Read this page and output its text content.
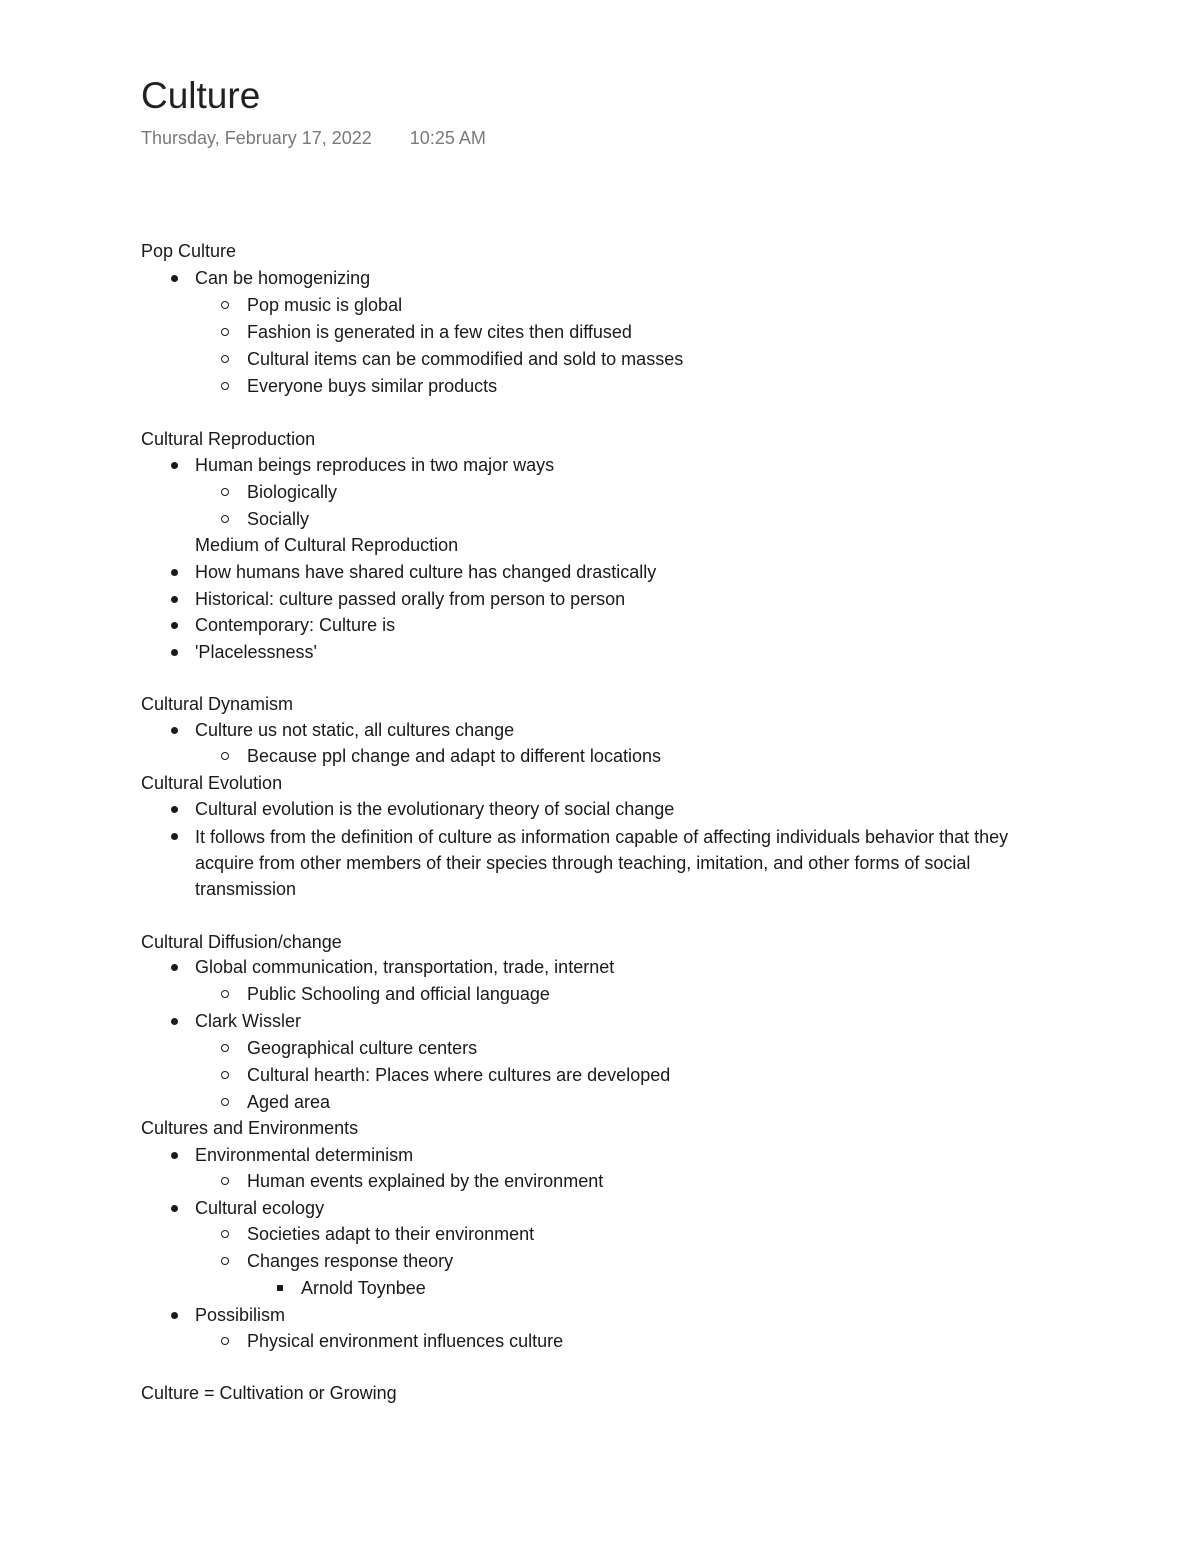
Culture
Thursday, February 17, 2022 10:25 AM
Pop Culture
Can be homogenizing
Pop music is global
Fashion is generated in a few cites then diffused
Cultural items can be commodified and sold to masses
Everyone buys similar products
Cultural Reproduction
Human beings reproduces in two major ways
Biologically
Socially
Medium of Cultural Reproduction
How humans have shared culture has changed drastically
Historical: culture passed orally from person to person
Contemporary: Culture is
'Placelessness'
Cultural Dynamism
Culture us not static, all cultures change
Because ppl change and adapt to different locations
Cultural Evolution
Cultural evolution is the evolutionary theory of social change
It follows from the definition of culture as information capable of affecting individuals behavior that they acquire from other members of their species through teaching, imitation, and other forms of social transmission
Cultural Diffusion/change
Global communication, transportation, trade, internet
Public Schooling and official language
Clark Wissler
Geographical culture centers
Cultural hearth: Places where cultures are developed
Aged area
Cultures and Environments
Environmental determinism
Human events explained by the environment
Cultural ecology
Societies adapt to their environment
Changes response theory
Arnold Toynbee
Possibilism
Physical environment influences culture
Culture = Cultivation or Growing
